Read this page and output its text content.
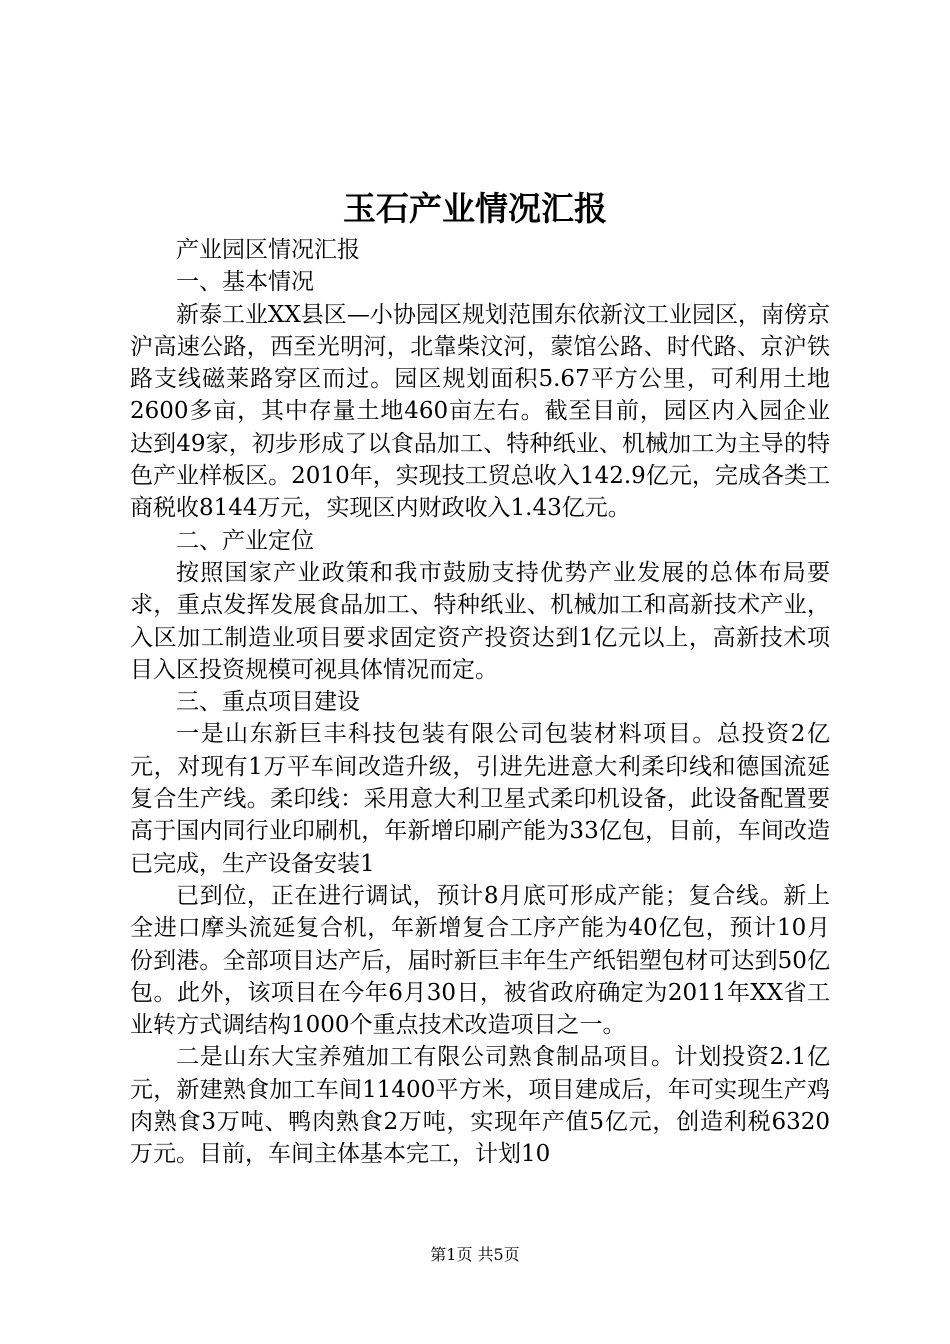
玉石产业情况汇报

产业园区情况汇报

一、基本情况

新泰工业XX县区—小协园区规划范围东依新汶工业园区，南傍京沪高速公路，西至光明河，北靠柴汶河，蒙馆公路、时代路、京沪铁路支线磁莱路穿区而过。园区规划面积5.67平方公里，可利用土地2600多亩，其中存量土地460亩左右。截至目前，园区内入园企业达到49家，初步形成了以食品加工、特种纸业、机械加工为主导的特色产业样板区。2010年，实现技工贸总收入142.9亿元，完成各类工商税收8144万元，实现区内财政收入1.43亿元。

二、产业定位

按照国家产业政策和我市鼓励支持优势产业发展的总体布局要求，重点发挥发展食品加工、特种纸业、机械加工和高新技术产业，入区加工制造业项目要求固定资产投资达到1亿元以上，高新技术项目入区投资规模可视具体情况而定。

三、重点项目建设

一是山东新巨丰科技包装有限公司包装材料项目。总投资2亿元，对现有1万平车间改造升级，引进先进意大利柔印线和德国流延复合生产线。柔印线：采用意大利卫星式柔印机设备，此设备配置要高于国内同行业印刷机，年新增印刷产能为33亿包，目前，车间改造已完成，生产设备安装1

已到位，正在进行调试，预计8月底可形成产能；复合线。新上全进口摩头流延复合机，年新增复合工序产能为40亿包，预计10月份到港。全部项目达产后，届时新巨丰年生产纸铝塑包材可达到50亿包。此外，该项目在今年6月30日，被省政府确定为2011年XX省工业转方式调结构1000个重点技术改造项目之一。

二是山东大宝养殖加工有限公司熟食制品项目。计划投资2.1亿元，新建熟食加工车间11400平方米，项目建成后，年可实现生产鸡肉熟食3万吨、鸭肉熟食2万吨，实现年产值5亿元，创造利税6320万元。目前，车间主体基本完工，计划10

第1页 共5页
